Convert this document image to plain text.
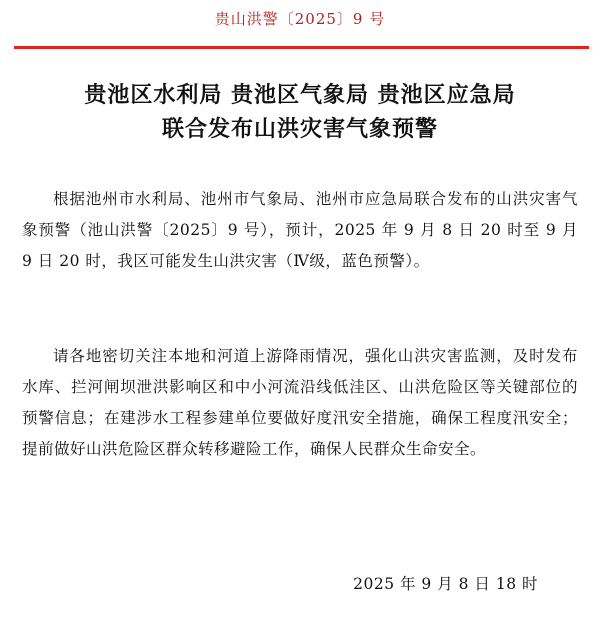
贵山洪警〔2025〕9 号
贵池区水利局 贵池区气象局 贵池区应急局
联合发布山洪灾害气象预警

根据池州市水利局、池州市气象局、池州市应急局联合发布的山洪灾害气象预警（池山洪警〔2025〕9 号），预计，2025 年 9 月 8 日 20 时至 9 月 9 日 20 时，我区可能发生山洪灾害（Ⅳ级，蓝色预警）。

请各地密切关注本地和河道上游降雨情况，强化山洪灾害监测，及时发布水库、拦河闸坝泄洪影响区和中小河流沿线低洼区、山洪危险区等关键部位的预警信息；在建涉水工程参建单位要做好度汛安全措施，确保工程度汛安全；提前做好山洪危险区群众转移避险工作，确保人民群众生命安全。

2025 年 9 月 8 日 18 时
